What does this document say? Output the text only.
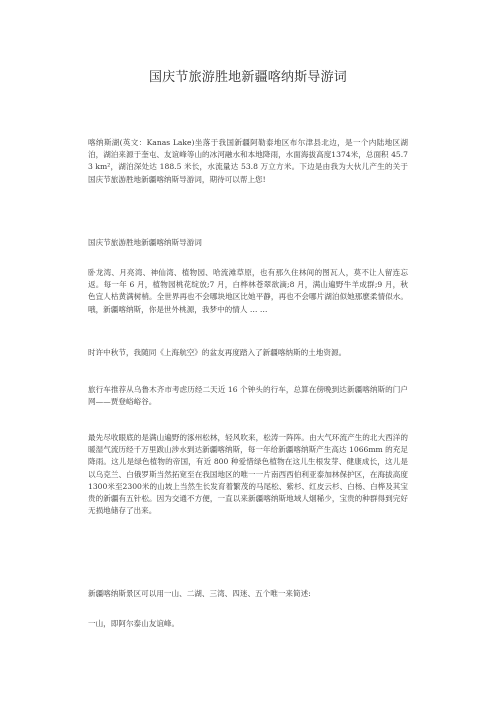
国庆节旅游胜地新疆喀纳斯导游词

喀纳斯湖(英文：Kanas Lake)坐落于我国新疆阿勒泰地区布尔津县北边，是一个内陆地区湖泊，湖泊来源于奎屯、友谊峰等山的冰河融水和本地降雨，水面海拔高度1374米，总面积 45.73 km²，湖泊深处达 188.5 米长，水流量达 53.8 万立方米。下边是由我为大伙儿产生的关于国庆节旅游胜地新疆喀纳斯导游词，期待可以帮上您!

国庆节旅游胜地新疆喀纳斯导游词

卧龙湾、月亮湾、神仙湾、植物园、哈流滩草原，也有那久住林间的图瓦人，莫不让人留连忘返。每一年 6 月，植物园桃花绽放;7 月，白桦林苍翠欲滴;8 月，满山遍野牛羊成群;9 月，秋色宜人枯黄满树梢。全世界再也不会哪块地区比她平静，再也不会哪片湖泊似她那麽柔情似水。哦，新疆喀纳斯，你是世外桃源，我梦中的情人 … …

时许中秋节，我随同《上海航空》的盆友再度踏入了新疆喀纳斯的土地资源。

旅行车推荐从乌鲁木齐市考虑历经二天近 16 个钟头的行车，总算在傍晚到达新疆喀纳斯的门户网——贾登峪峪谷。

最先尽收眼底的是满山遍野的涿州松林，轻风吹来，松涛一阵阵。由大气环流产生的北大西洋的暖湿气流历经千万里跋山涉水到达新疆喀纳斯，每一年给新疆喀纳斯产生高达 1066mm 的充足降雨。这儿是绿色植物的帝国，有近 800 种爱惜绿色植物在这儿生根发芽、健康成长，这儿是以乌克兰、白俄罗斯当然拓宽至在我国地区的唯一一片南西西伯利亚泰加林保护区，在海拔高度1300米至2300米的山坡上当然生长发育着繁茂的马尾松、紫杉、红皮云杉、白杨、白桦及其宝贵的新疆有五针松。因为交通不方便，一直以来新疆喀纳斯地域人烟稀少，宝贵的种群得到完好无损地储存了出来。

新疆喀纳斯景区可以用一山、二湖、三湾、四迷、五个唯一来简述:

一山，即阿尔泰山友谊峰。
